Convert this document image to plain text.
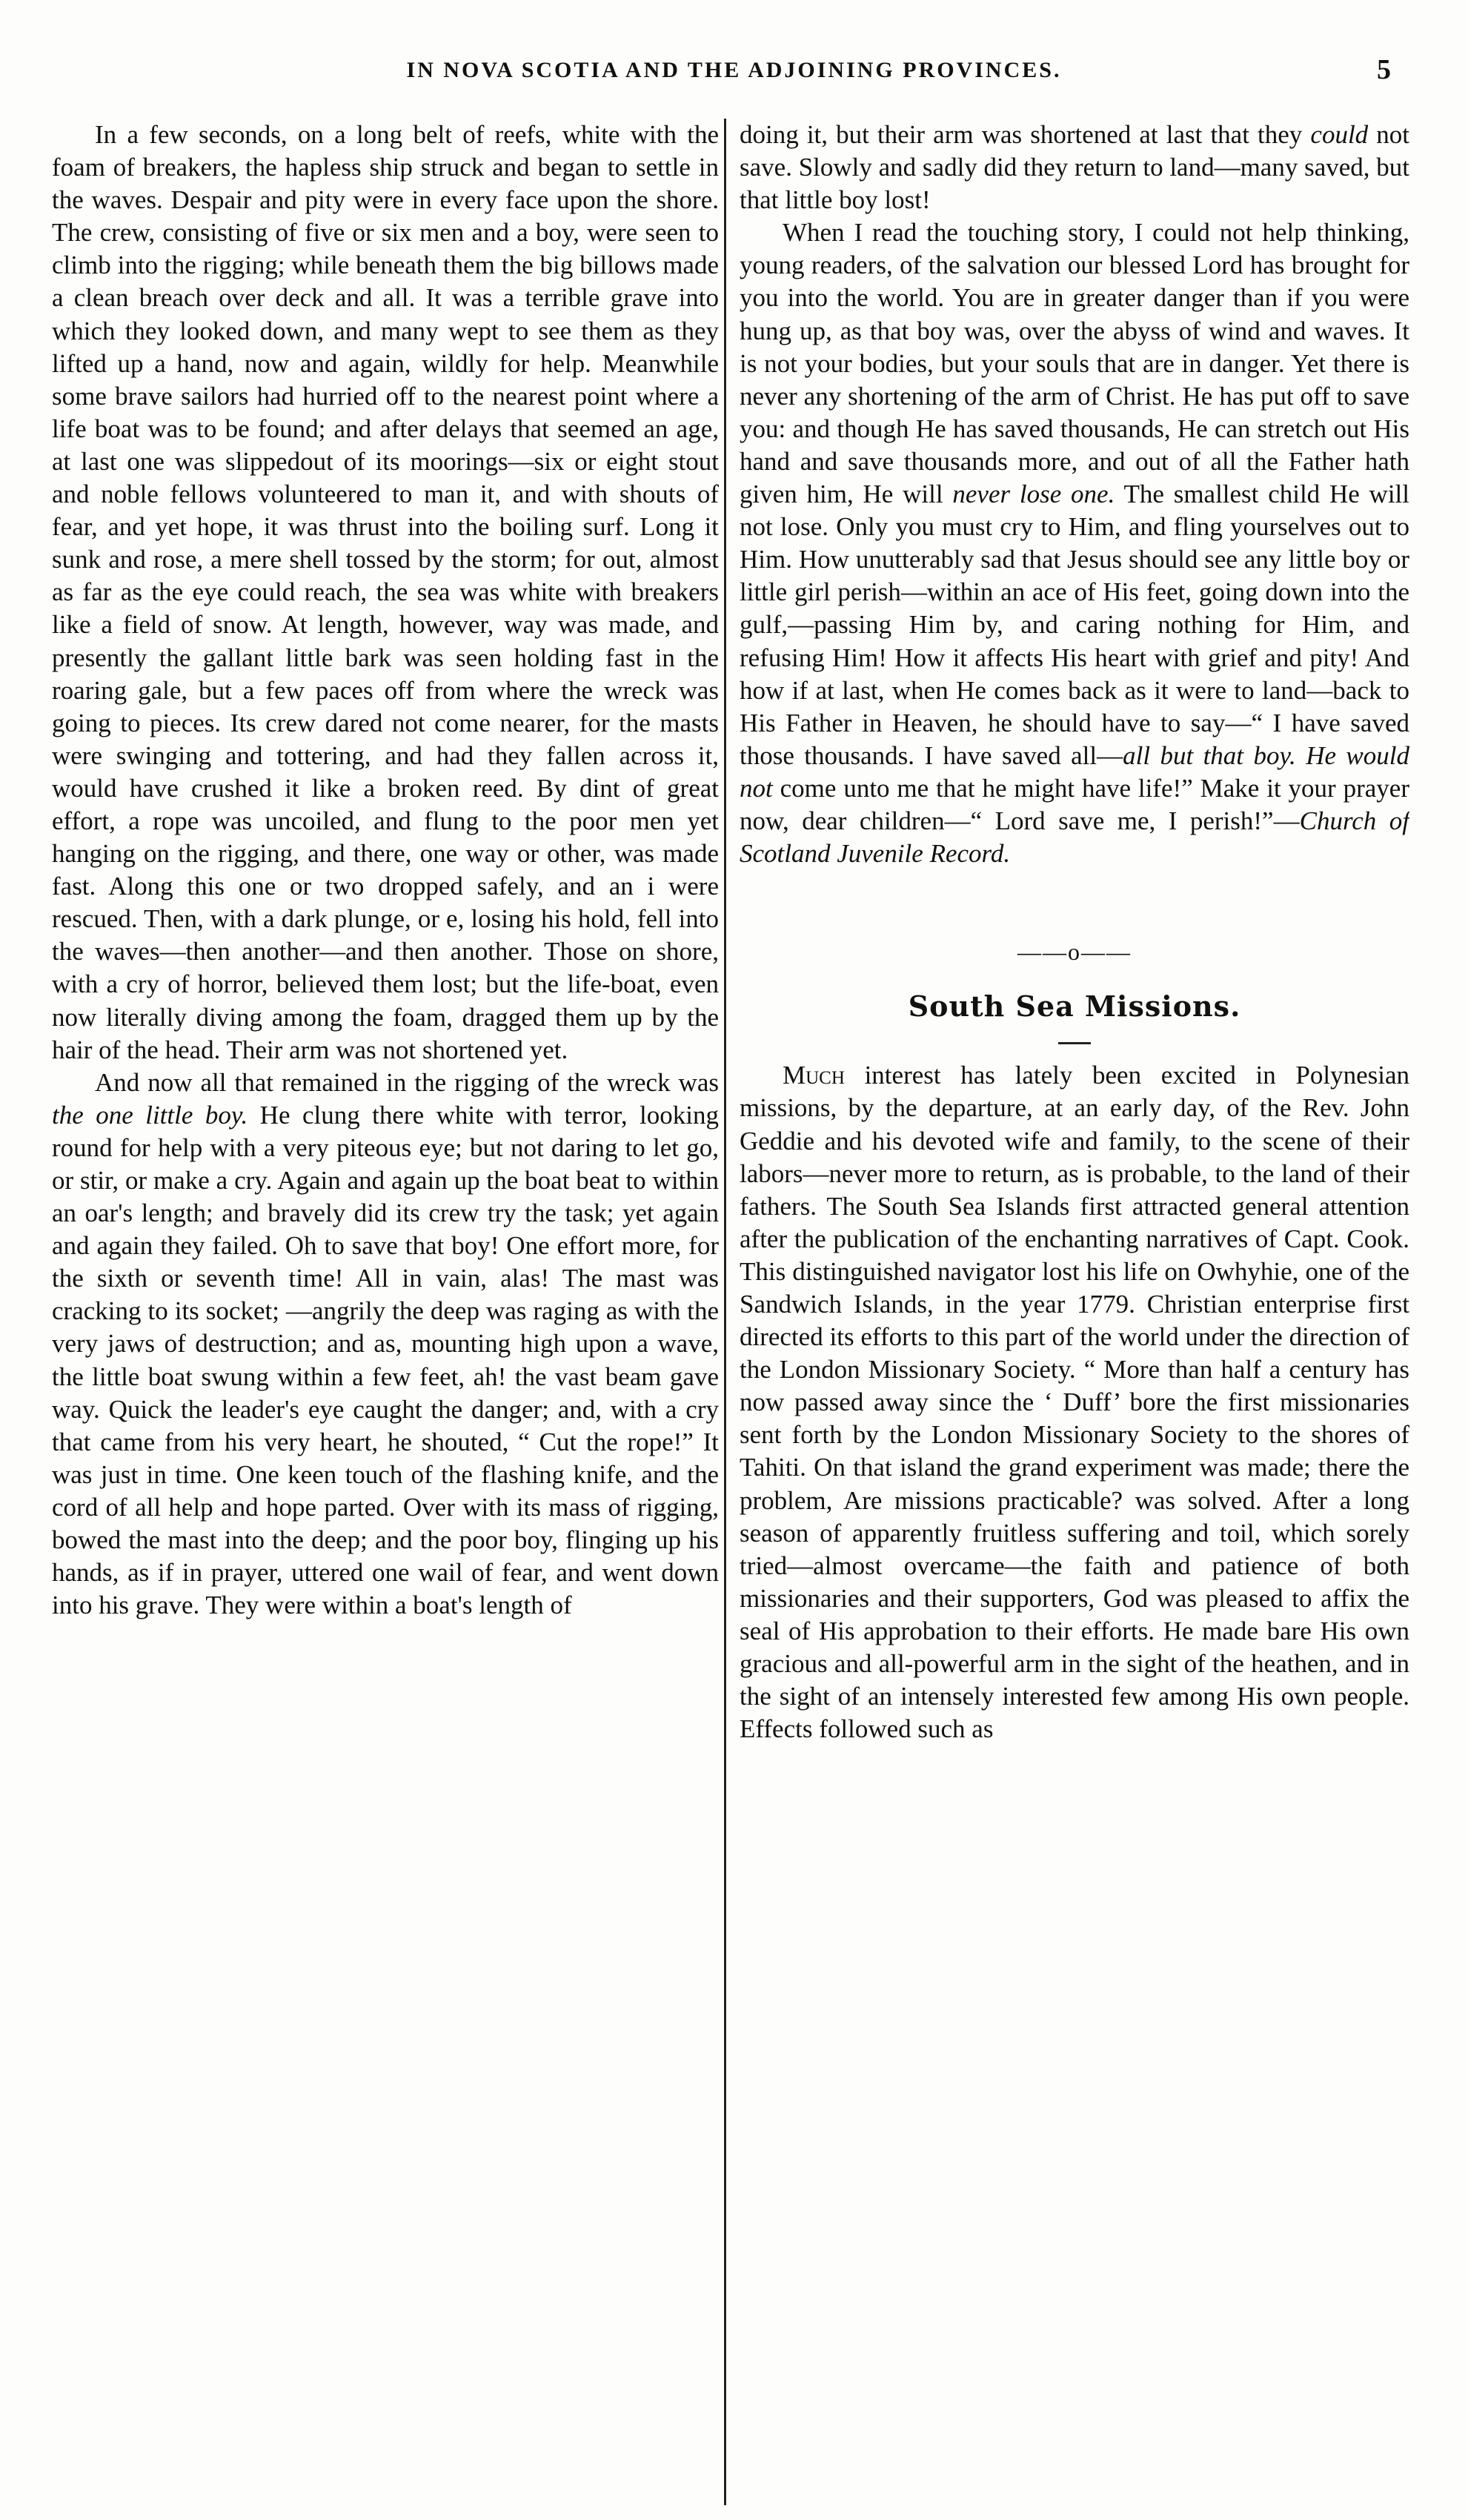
IN NOVA SCOTIA AND THE ADJOINING PROVINCES.	5

In a few seconds, on a long belt of reefs, white with the foam of breakers, the hapless ship struck and began to settle in the waves. Despair and pity were in every face upon the shore. The crew, consisting of five or six men and a boy, were seen to climb into the rigging; while beneath them the big billows made a clean breach over deck and all. It was a terrible grave into which they looked down, and many wept to see them as they lifted up a hand, now and again, wildly for help. Meanwhile some brave sailors had hurried off to the nearest point where a life boat was to be found; and after delays that seemed an age, at last one was slippedout of its moorings—six or eight stout and noble fellows volunteered to man it, and with shouts of fear, and yet hope, it was thrust into the boiling surf. Long it sunk and rose, a mere shell tossed by the storm; for out, almost as far as the eye could reach, the sea was white with breakers like a field of snow. At length, however, way was made, and presently the gallant little bark was seen holding fast in the roaring gale, but a few paces off from where the wreck was going to pieces. Its crew dared not come nearer, for the masts were swinging and tottering, and had they fallen across it, would have crushed it like a broken reed. By dint of great effort, a rope was uncoiled, and flung to the poor men yet hanging on the rigging, and there, one way or other, was made fast. Along this one or two dropped safely, and an i were rescued. Then, with a dark plunge, or e, losing his hold, fell into the waves—then another—and then another. Those on shore, with a cry of horror, believed them lost; but the life-boat, even now literally diving among the foam, dragged them up by the hair of the head. Their arm was not shortened yet.

And now all that remained in the rigging of the wreck was the one little boy. He clung there white with terror, looking round for help with a very piteous eye; but not daring to let go, or stir, or make a cry. Again and again up the boat beat to within an oar's length; and bravely did its crew try the task; yet again and again they failed. Oh to save that boy! One effort more, for the sixth or seventh time! All in vain, alas! The mast was cracking to its socket; —angrily the deep was raging as with the very jaws of destruction; and as, mounting high upon a wave, the little boat swung within a few feet, ah! the vast beam gave way. Quick the leader's eye caught the danger; and, with a cry that came from his very heart, he shouted, “ Cut the rope!” It was just in time. One keen touch of the flashing knife, and the cord of all help and hope parted. Over with its mass of rigging, bowed the mast into the deep; and the poor boy, flinging up his hands, as if in prayer, uttered one wail of fear, and went down into his grave. They were within a boat's length of

doing it, but their arm was shortened at last that they could not save. Slowly and sadly did they return to land—many saved, but that little boy lost!

When I read the touching story, I could not help thinking, young readers, of the salvation our blessed Lord has brought for you into the world. You are in greater danger than if you were hung up, as that boy was, over the abyss of wind and waves. It is not your bodies, but your souls that are in danger. Yet there is never any shortening of the arm of Christ. He has put off to save you: and though He has saved thousands, He can stretch out His hand and save thousands more, and out of all the Father hath given him, He will never lose one. The smallest child He will not lose. Only you must cry to Him, and fling yourselves out to Him. How unutterably sad that Jesus should see any little boy or little girl perish—within an ace of His feet, going down into the gulf,—passing Him by, and caring nothing for Him, and refusing Him! How it affects His heart with grief and pity! And how if at last, when He comes back as it were to land—back to His Father in Heaven, he should have to say—“ I have saved those thousands. I have saved all—all but that boy. He would not come unto me that he might have life!” Make it your prayer now, dear children—“ Lord save me, I perish!”—Church of Scotland Juvenile Record.

——o——
South Sea Missions.

Much interest has lately been excited in Polynesian missions, by the departure, at an early day, of the Rev. John Geddie and his devoted wife and family, to the scene of their labors—never more to return, as is probable, to the land of their fathers. The South Sea Islands first attracted general attention after the publication of the enchanting narratives of Capt. Cook. This distinguished navigator lost his life on Owhyhie, one of the Sandwich Islands, in the year 1779. Christian enterprise first directed its efforts to this part of the world under the direction of the London Missionary Society. “ More than half a century has now passed away since the ‘ Duff’ bore the first missionaries sent forth by the London Missionary Society to the shores of Tahiti. On that island the grand experiment was made; there the problem, Are missions practicable? was solved. After a long season of apparently fruitless suffering and toil, which sorely tried—almost overcame—the faith and patience of both missionaries and their supporters, God was pleased to affix the seal of His approbation to their efforts. He made bare His own gracious and all-powerful arm in the sight of the heathen, and in the sight of an intensely interested few among His own people. Effects followed such as
